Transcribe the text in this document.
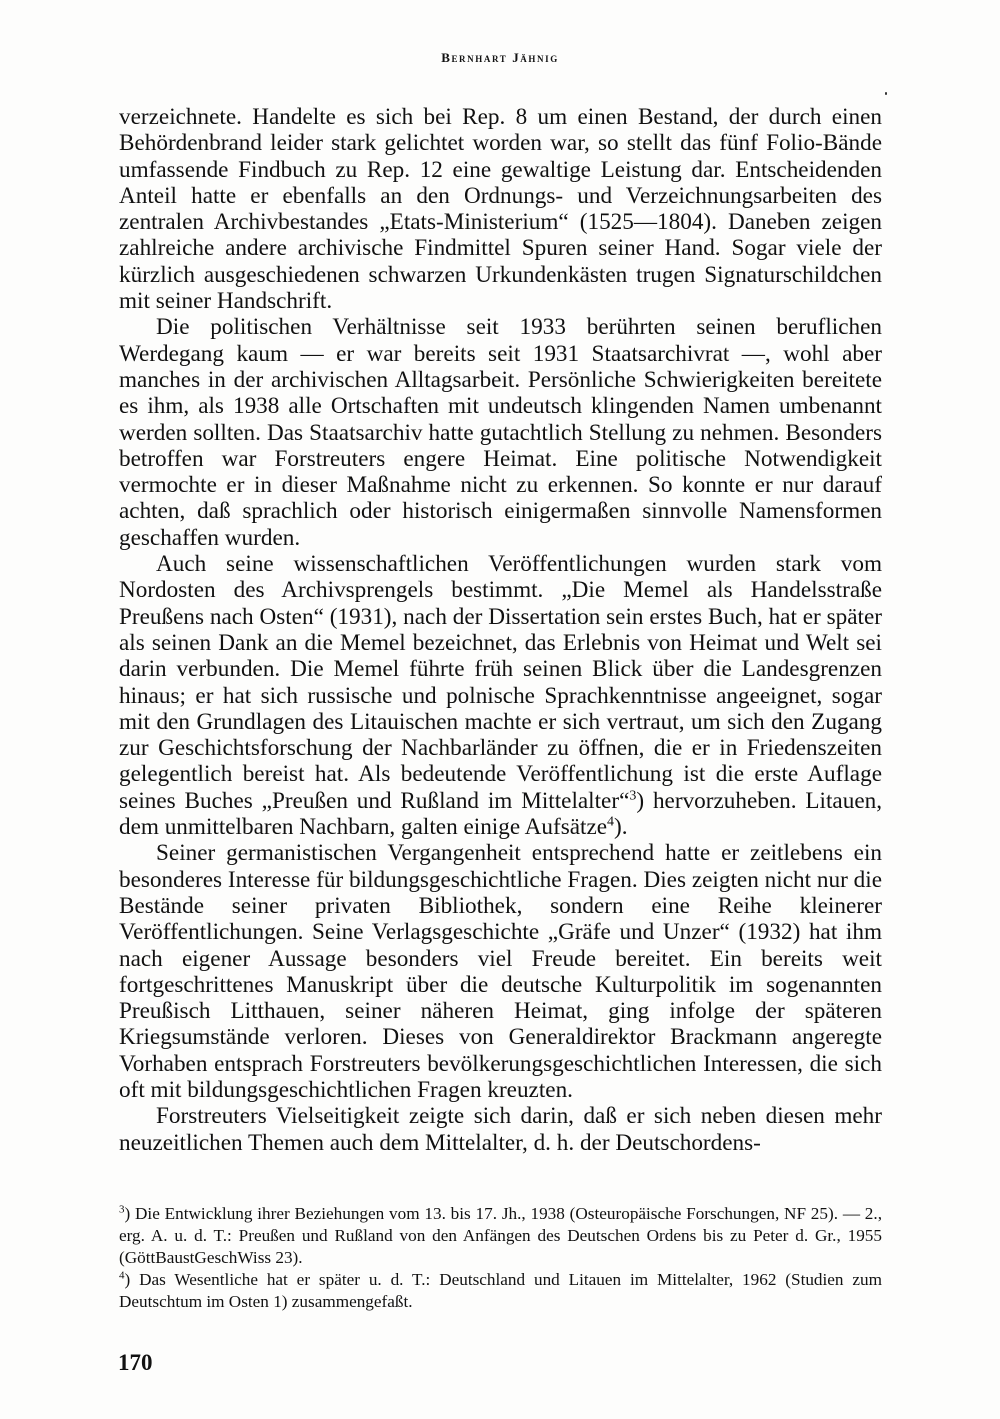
Bernhart Jähnig

verzeichnete. Handelte es sich bei Rep. 8 um einen Bestand, der durch einen Behördenbrand leider stark gelichtet worden war, so stellt das fünf Folio-Bände umfassende Findbuch zu Rep. 12 eine gewaltige Leistung dar. Entscheidenden Anteil hatte er ebenfalls an den Ordnungs- und Verzeichnungsarbeiten des zentralen Archivbestandes „Etats-Ministerium“ (1525—1804). Daneben zeigen zahlreiche andere archivische Findmittel Spuren seiner Hand. Sogar viele der kürzlich ausgeschiedenen schwarzen Urkundenkästen trugen Signaturschildchen mit seiner Handschrift.

Die politischen Verhältnisse seit 1933 berührten seinen beruflichen Werdegang kaum — er war bereits seit 1931 Staatsarchivrat —, wohl aber manches in der archivischen Alltagsarbeit. Persönliche Schwierigkeiten bereitete es ihm, als 1938 alle Ortschaften mit undeutsch klingenden Namen umbenannt werden sollten. Das Staatsarchiv hatte gutachtlich Stellung zu nehmen. Besonders betroffen war Forstreuters engere Heimat. Eine politische Notwendigkeit vermochte er in dieser Maßnahme nicht zu erkennen. So konnte er nur darauf achten, daß sprachlich oder historisch einigermaßen sinnvolle Namensformen geschaffen wurden.

Auch seine wissenschaftlichen Veröffentlichungen wurden stark vom Nordosten des Archivsprengels bestimmt. „Die Memel als Handelsstraße Preußens nach Osten“ (1931), nach der Dissertation sein erstes Buch, hat er später als seinen Dank an die Memel bezeichnet, das Erlebnis von Heimat und Welt sei darin verbunden. Die Memel führte früh seinen Blick über die Landesgrenzen hinaus; er hat sich russische und polnische Sprachkenntnisse angeeignet, sogar mit den Grundlagen des Litauischen machte er sich vertraut, um sich den Zugang zur Geschichtsforschung der Nachbarländer zu öffnen, die er in Friedenszeiten gelegentlich bereist hat. Als bedeutende Veröffentlichung ist die erste Auflage seines Buches „Preußen und Rußland im Mittelalter“$^3$) hervorzuheben. Litauen, dem unmittelbaren Nachbarn, galten einige Aufsätze$^4$).

Seiner germanistischen Vergangenheit entsprechend hatte er zeitlebens ein besonderes Interesse für bildungsgeschichtliche Fragen. Dies zeigten nicht nur die Bestände seiner privaten Bibliothek, sondern eine Reihe kleinerer Veröffentlichungen. Seine Verlagsgeschichte „Gräfe und Unzer“ (1932) hat ihm nach eigener Aussage besonders viel Freude bereitet. Ein bereits weit fortgeschrittenes Manuskript über die deutsche Kulturpolitik im sogenannten Preußisch Litthauen, seiner näheren Heimat, ging infolge der späteren Kriegsumstände verloren. Dieses von Generaldirektor Brackmann angeregte Vorhaben entsprach Forstreuters bevölkerungsgeschichtlichen Interessen, die sich oft mit bildungsgeschichtlichen Fragen kreuzten.

Forstreuters Vielseitigkeit zeigte sich darin, daß er sich neben diesen mehr neuzeitlichen Themen auch dem Mittelalter, d. h. der Deutschordens-

$^3$) Die Entwicklung ihrer Beziehungen vom 13. bis 17. Jh., 1938 (Osteuropäische Forschungen, NF 25). — 2., erg. A. u. d. T.: Preußen und Rußland von den Anfängen des Deutschen Ordens bis zu Peter d. Gr., 1955 (GöttBaustGeschWiss 23).

$^4$) Das Wesentliche hat er später u. d. T.: Deutschland und Litauen im Mittelalter, 1962 (Studien zum Deutschtum im Osten 1) zusammengefaßt.

170
